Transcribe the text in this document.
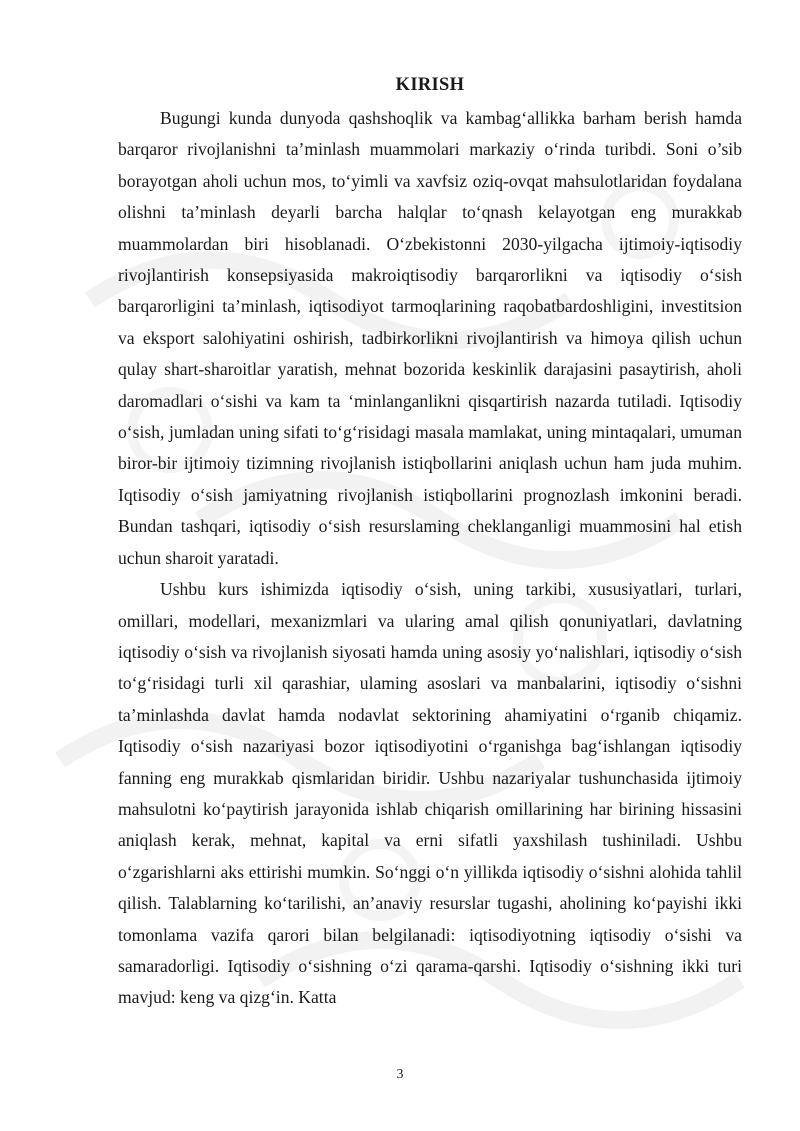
KIRISH

Bugungi kunda dunyoda qashshoqlik va kambag‘allikka barham berish hamda barqaror rivojlanishni ta’minlash muammolari markaziy o‘rinda turibdi. Soni o’sib borayotgan aholi uchun mos, to‘yimli va xavfsiz oziq-ovqat mahsulotlaridan foydalana olishni ta’minlash deyarli barcha halqlar to‘qnash kelayotgan eng murakkab muammolardan biri hisoblanadi. O‘zbekistonni 2030-yilgacha ijtimoiy-iqtisodiy rivojlantirish konsepsiyasida makroiqtisodiy barqarorlikni va iqtisodiy o‘sish barqarorligini ta’minlash, iqtisodiyot tarmoqlarining raqobatbardoshligini, investitsion va eksport salohiyatini oshirish, tadbirkorlikni rivojlantirish va himoya qilish uchun qulay shart-sharoitlar yaratish, mehnat bozorida keskinlik darajasini pasaytirish, aholi daromadlari o‘sishi va kam ta ‘minlanganlikni qisqartirish nazarda tutiladi. Iqtisodiy o‘sish, jumladan uning sifati to‘g‘risidagi masala mamlakat, uning mintaqalari, umuman biror-bir ijtimoiy tizimning rivojlanish istiqbollarini aniqlash uchun ham juda muhim. Iqtisodiy o‘sish jamiyatning rivojlanish istiqbollarini prognozlash imkonini beradi. Bundan tashqari, iqtisodiy o‘sish resurslaming cheklanganligi muammosini hal etish uchun sharoit yaratadi.

Ushbu kurs ishimizda iqtisodiy o‘sish, uning tarkibi, xususiyatlari, turlari, omillari, modellari, mexanizmlari va ularing amal qilish qonuniyatlari, davlatning iqtisodiy o‘sish va rivojlanish siyosati hamda uning asosiy yo‘nalishlari, iqtisodiy o‘sish to‘g‘risidagi turli xil qarashiar, ulaming asoslari va manbalarini, iqtisodiy o‘sishni ta’minlashda davlat hamda nodavlat sektorining ahamiyatini o‘rganib chiqamiz. Iqtisodiy o‘sish nazariyasi bozor iqtisodiyotini o‘rganishga bag‘ishlangan iqtisodiy fanning eng murakkab qismlaridan biridir. Ushbu nazariyalar tushunchasida ijtimoiy mahsulotni ko‘paytirish jarayonida ishlab chiqarish omillarining har birining hissasini aniqlash kerak, mehnat, kapital va erni sifatli yaxshilash tushiniladi. Ushbu o‘zgarishlarni aks ettirishi mumkin. So‘nggi o‘n yillikda iqtisodiy o‘sishni alohida tahlil qilish. Talablarning ko‘tarilishi, an’anaviy resurslar tugashi, aholining ko‘payishi ikki tomonlama vazifa qarori bilan belgilanadi: iqtisodiyotning iqtisodiy o‘sishi va samaradorligi. Iqtisodiy o‘sishning o‘zi qarama-qarshi. Iqtisodiy o‘sishning ikki turi mavjud: keng va qizg‘in. Katta

3
